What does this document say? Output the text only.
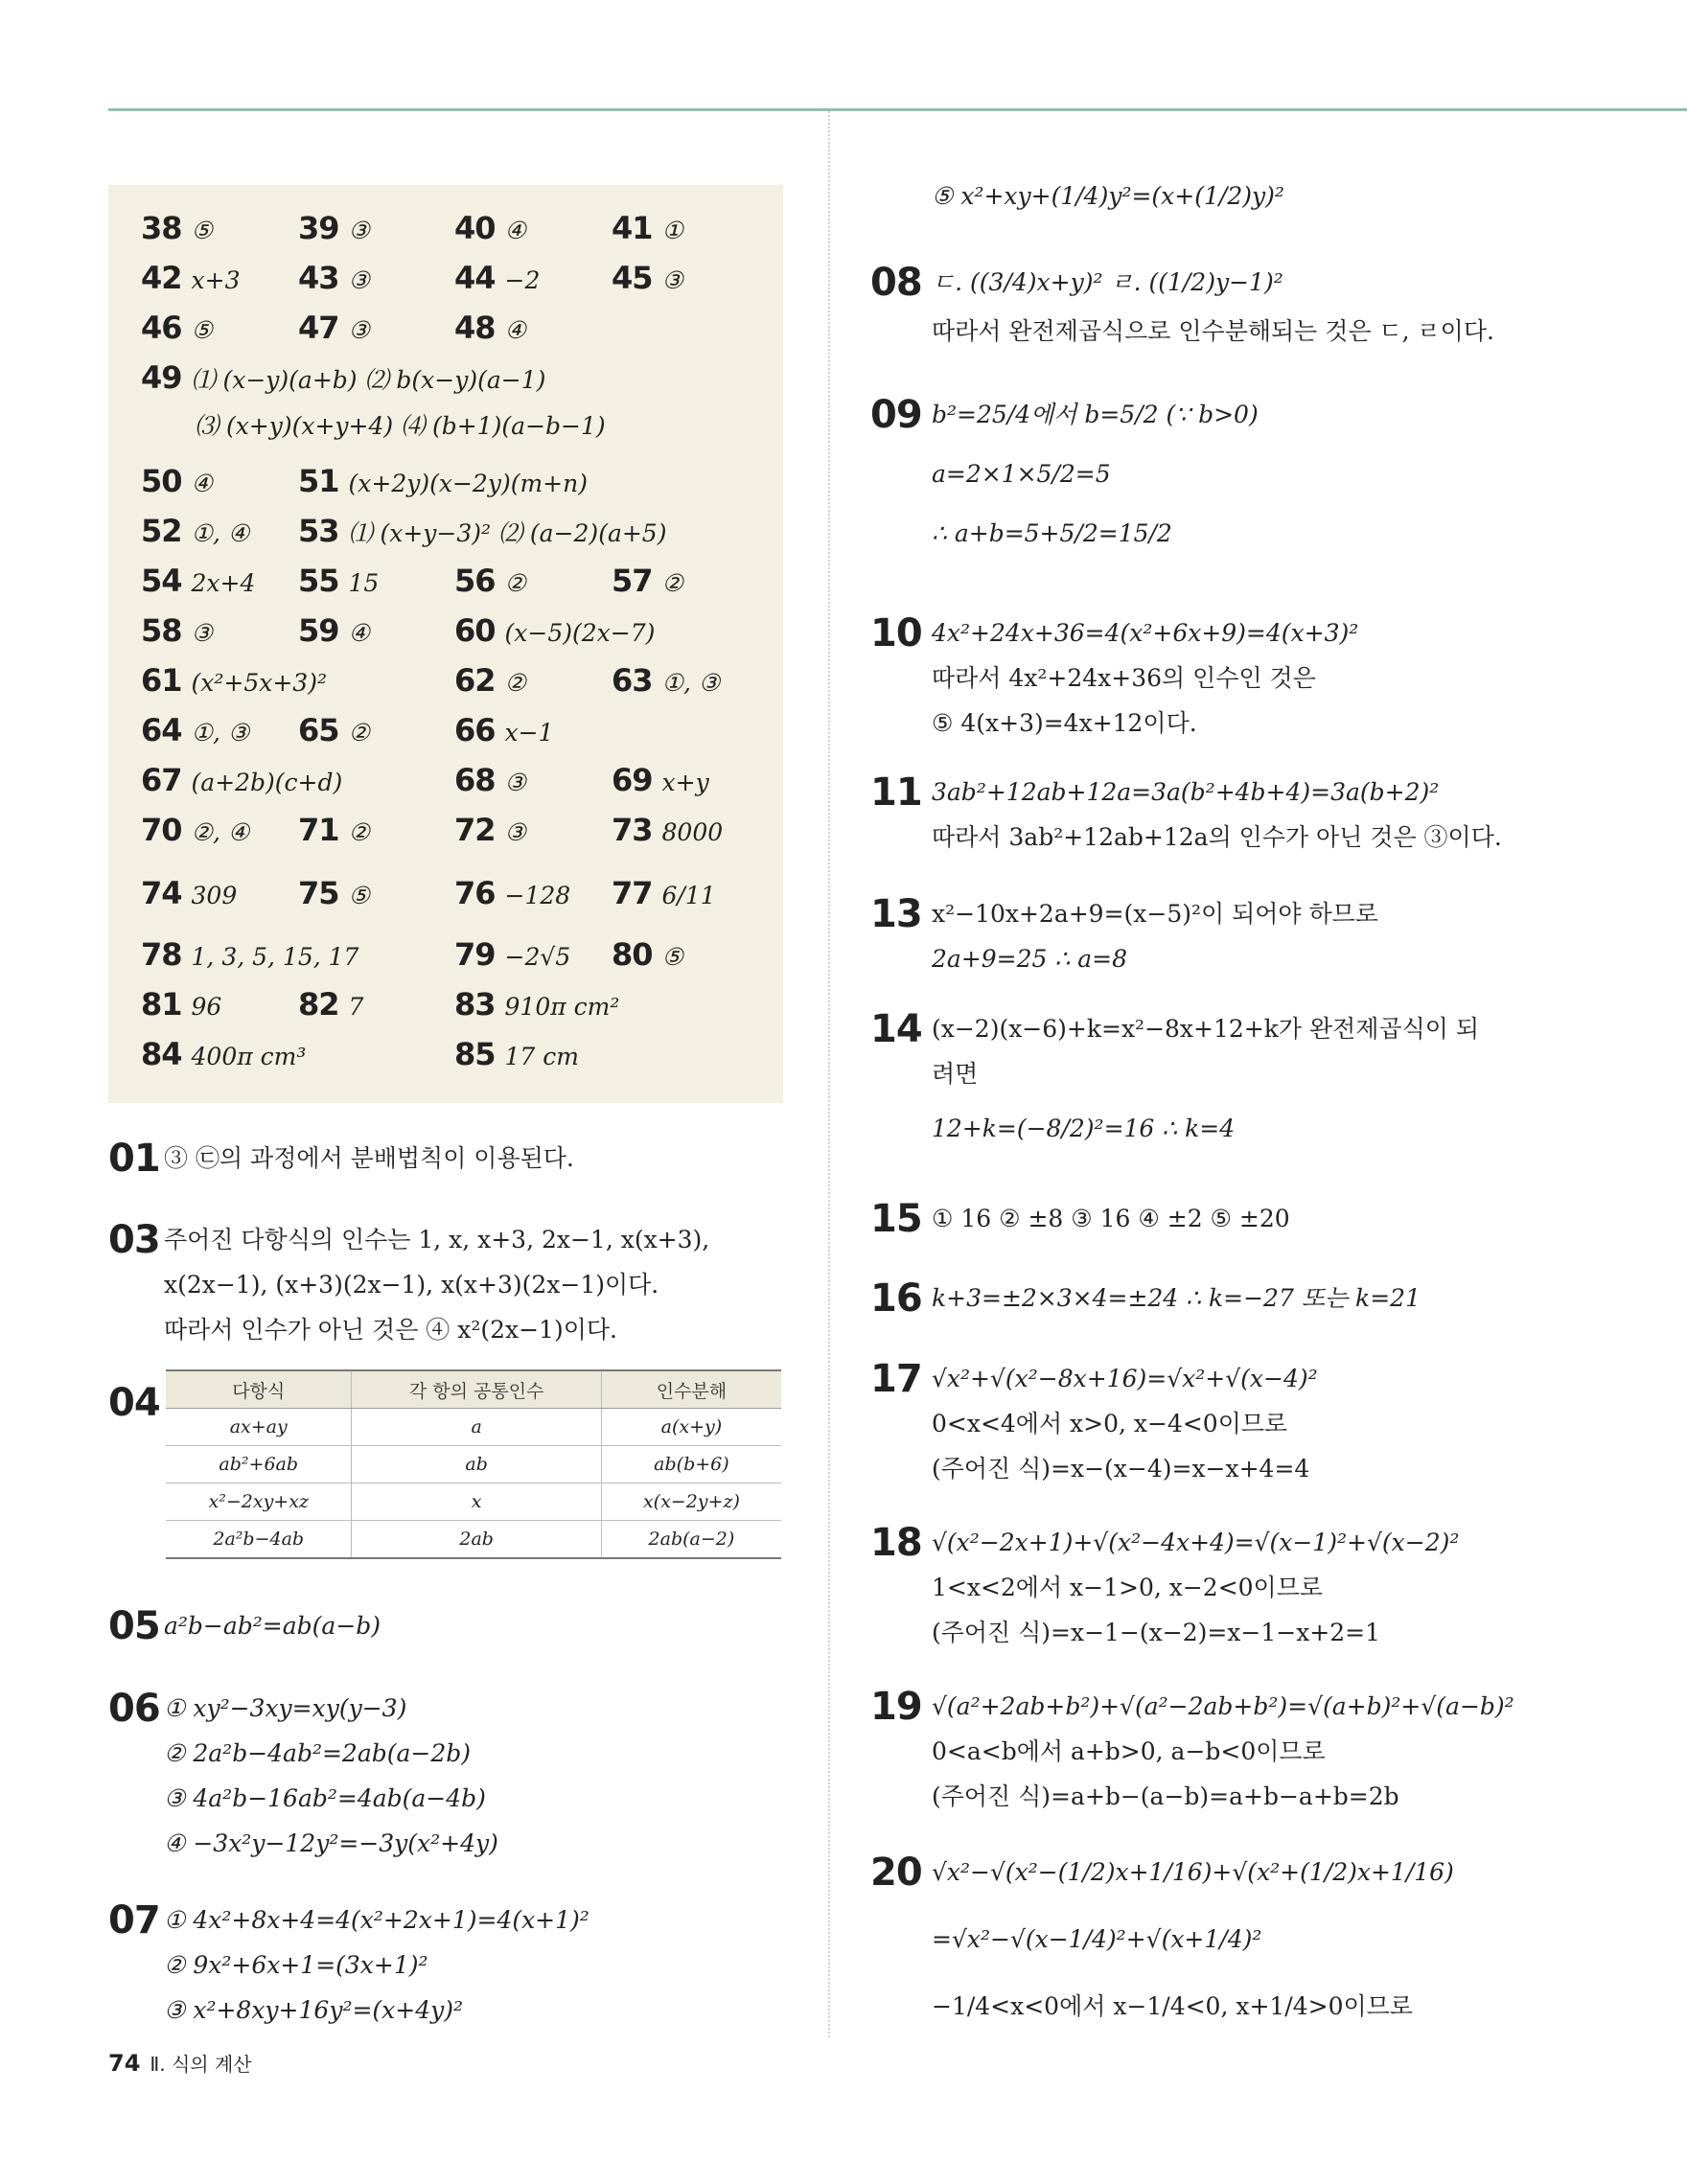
38 ⑤	39 ③	40 ④	41 ①
42 x+3 43 ③	44 −2 45 ③
46 ⑤	47 ③	48 ④
49 ⑴ (x−y)(a+b) ⑵ b(x−y)(a−1)
⑶ (x+y)(x+y+4) ⑷ (b+1)(a−b−1)
50 ④	51 (x+2y)(x−2y)(m+n)
52 ①, ④ 53 ⑴ (x+y−3)² ⑵ (a−2)(a+5)
54 2x+4 55 15 56 ②	57 ②
58 ③	59 ④	60 (x−5)(2x−7)
61 (x²+5x+3)²	62 ②	63 ①, ③
64 ①, ③ 65 ②	66 x−1
67 (a+2b)(c+d)	68 ③	69 x+y
70 ②, ④ 71 ②	72 ③	73 8000
74 309 75 ⑤	76 −128 77 6/11
78 1, 3, 5, 15, 17	79 −2√5 80 ⑤
81 96 82 7	83 910π cm²
84 400π cm³	85 17 cm
01 ③ ㉢의 과정에서 분배법칙이 이용된다.
03 주어진 다항식의 인수는 1, x, x+3, 2x−1, x(x+3),
x(2x−1), (x+3)(2x−1), x(x+3)(2x−1)이다.
따라서 인수가 아닌 것은 ④ x²(2x−1)이다.
04	다항식	각 항의 공통인수	인수분해
ax+ay	a	a(x+y)
ab²+6ab	ab	ab(b+6)
x²−2xy+xz	x	x(x−2y+z)
2a²b−4ab	2ab	2ab(a−2)
05 a²b−ab²=ab(a−b)
06 ① xy²−3xy=xy(y−3)
② 2a²b−4ab²=2ab(a−2b)
③ 4a²b−16ab²=4ab(a−4b)
④ −3x²y−12y²=−3y(x²+4y)
07 ① 4x²+8x+4=4(x²+2x+1)=4(x+1)²
② 9x²+6x+1=(3x+1)²
③ x²+8xy+16y²=(x+4y)²
⑤ x²+xy+(1/4)y²=(x+(1/2)y)²
08 ㄷ. ((3/4)x+y)² ㄹ. ((1/2)y−1)²
따라서 완전제곱식으로 인수분해되는 것은 ㄷ, ㄹ이다.
09 b²=25/4에서 b=5/2 (∵ b>0)
a=2×1×5/2=5
∴ a+b=5+5/2=15/2
10 4x²+24x+36=4(x²+6x+9)=4(x+3)²
따라서 4x²+24x+36의 인수인 것은
⑤ 4(x+3)=4x+12이다.
11 3ab²+12ab+12a=3a(b²+4b+4)=3a(b+2)²
따라서 3ab²+12ab+12a의 인수가 아닌 것은 ③이다.
13 x²−10x+2a+9=(x−5)²이 되어야 하므로
2a+9=25 ∴ a=8
14 (x−2)(x−6)+k=x²−8x+12+k가 완전제곱식이 되
려면
12+k=(−8/2)²=16 ∴ k=4
15 ① 16 ② ±8 ③ 16 ④ ±2 ⑤ ±20
16 k+3=±2×3×4=±24 ∴ k=−27 또는 k=21
17 √x²+√(x²−8x+16)=√x²+√(x−4)²
0<x<4에서 x>0, x−4<0이므로
(주어진 식)=x−(x−4)=x−x+4=4
18 √(x²−2x+1)+√(x²−4x+4)=√(x−1)²+√(x−2)²
1<x<2에서 x−1>0, x−2<0이므로
(주어진 식)=x−1−(x−2)=x−1−x+2=1
19 √(a²+2ab+b²)+√(a²−2ab+b²)=√(a+b)²+√(a−b)²
0<a<b에서 a+b>0, a−b<0이므로
(주어진 식)=a+b−(a−b)=a+b−a+b=2b
20 √x²−√(x²−(1/2)x+1/16)+√(x²+(1/2)x+1/16)
=√x²−√(x−1/4)²+√(x+1/4)²
−1/4<x<0에서 x−1/4<0, x+1/4>0이므로
74 Ⅱ. 식의 계산
